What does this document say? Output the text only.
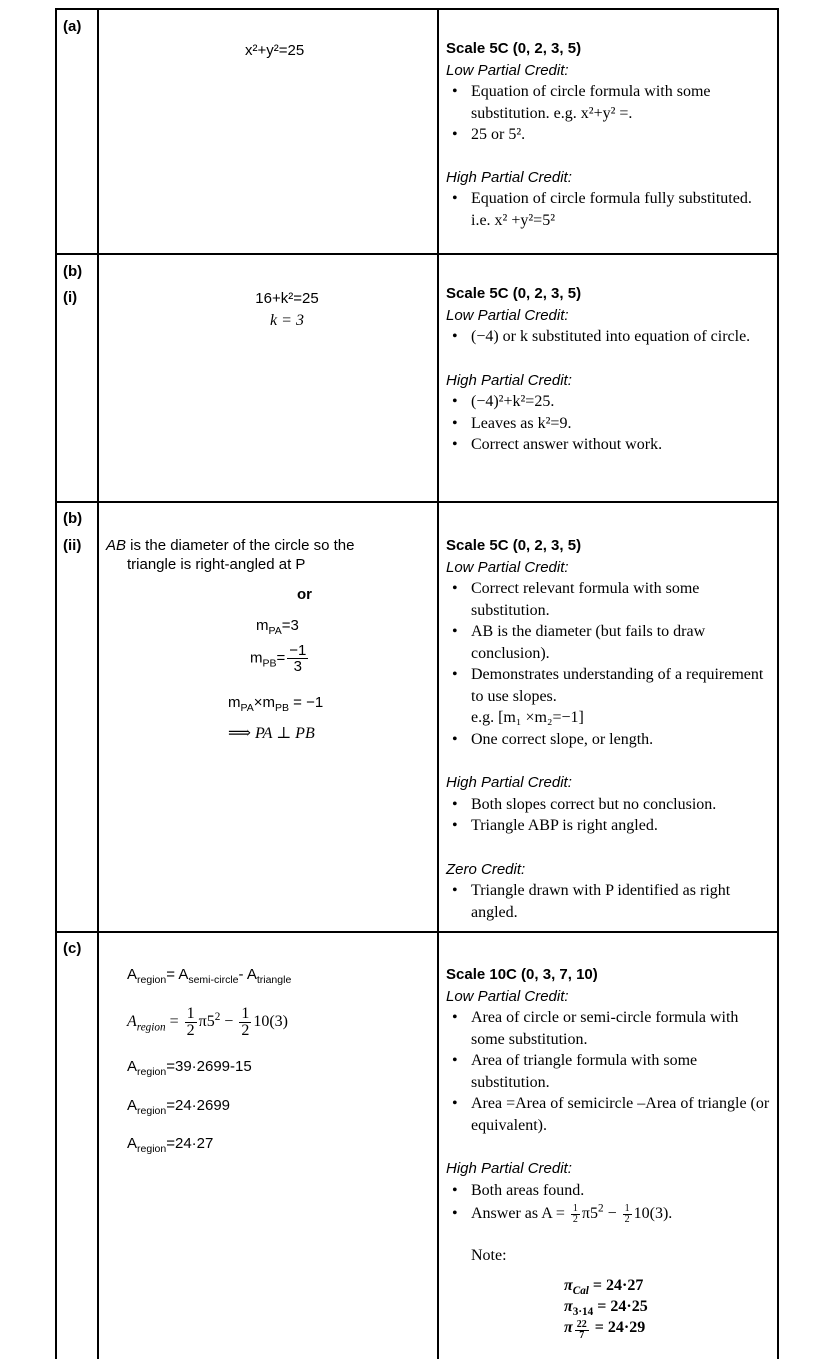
(a)
x²+y²=25	Scale 5C (0, 2, 3, 5)
Low Partial Credit:
• Equation of circle formula with some substitution. e.g. x²+y² =.
• 25 or 5².
High Partial Credit:
• Equation of circle formula fully substituted. i.e. x² +y²=5²
(b)
(i)	16+k²=25
k = 3
Scale 5C (0, 2, 3, 5)
Low Partial Credit:
• (−4) or k substituted into equation of circle.
High Partial Credit:
• (−4)²+k²=25.
• Leaves as k²=9.
• Correct answer without work.
(b)
(ii) AB is the diameter of the circle so the
triangle is right-angled at P
or
$m_{PA}=3$
$m_{PB}= \frac{-1}{3}$
$m_{PA}\times m_{PB} = -1$
⟹ PA ⊥ PB
Scale 5C (0, 2, 3, 5)
Low Partial Credit:
• Correct relevant formula with some substitution.
• AB is the diameter (but fails to draw conclusion).
• Demonstrates understanding of a requirement to use slopes.
e.g. [m₁ ×m₂=−1]
• One correct slope, or length.
High Partial Credit:
• Both slopes correct but no conclusion.
• Triangle ABP is right angled.
Zero Credit:
• Triangle drawn with P identified as right angled.
(c)
$A_{region}= A_{semi-circle}-$ $A_{triangle}$
$A_{region} = \frac{1}{2} \pi 5^2 - \frac{1}{2} 10(3)$
$A_{region}=39\cdot 2699-15$
$A_{region}=24\cdot 2699$
$A_{region}=24\cdot 27$
Scale 10C (0, 3, 7, 10)
Low Partial Credit:
• Area of circle or semi-circle formula with some substitution.
• Area of triangle formula with some substitution.
• Area =Area of semicircle –Area of triangle (or equivalent).
High Partial Credit:
• Both areas found.
• Answer as $A = \frac{1}{2} \pi 5^2 - \frac{1}{2} 10(3)$.
Note:
$\pi_{Cal} = 24\cdot 27$
$\pi_{3\cdot 14} = 24\cdot 25$
π $\frac{22}{7} = 24\cdot 29$
